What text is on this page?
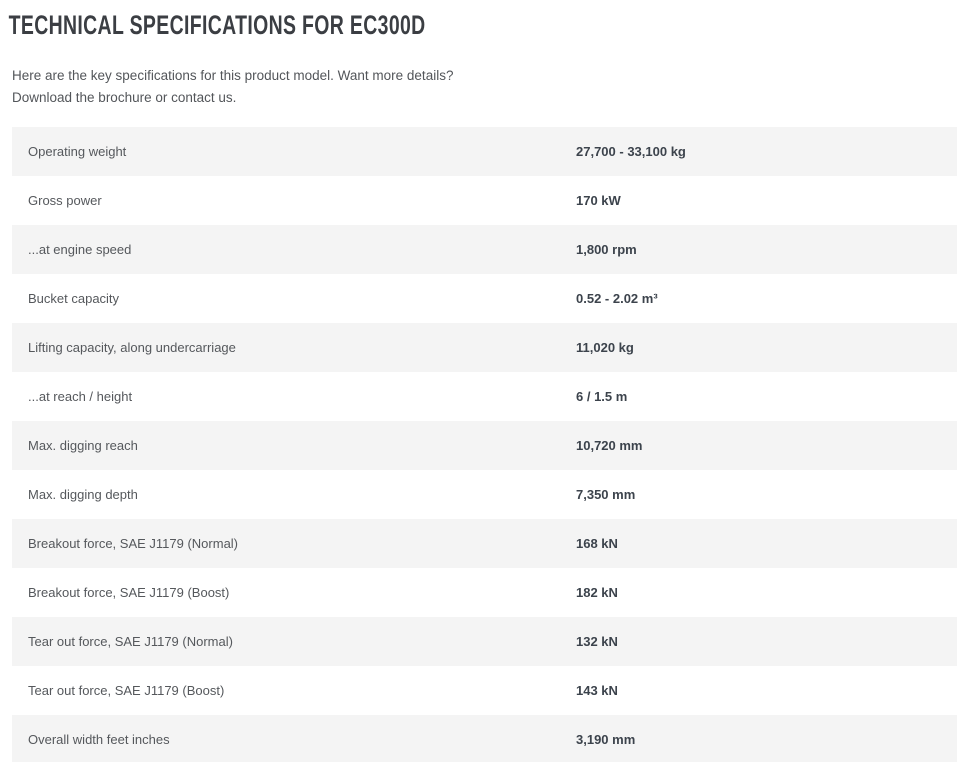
TECHNICAL SPECIFICATIONS FOR EC300D

Here are the key specifications for this product model. Want more details?
Download the brochure or contact us.

Operating weight	27,700 - 33,100 kg
Gross power	170 kW
...at engine speed	1,800 rpm
Bucket capacity	0.52 - 2.02 m³
Lifting capacity, along undercarriage	11,020 kg
...at reach / height	6 / 1.5 m
Max. digging reach	10,720 mm
Max. digging depth	7,350 mm
Breakout force, SAE J1179 (Normal)	168 kN
Breakout force, SAE J1179 (Boost)	182 kN
Tear out force, SAE J1179 (Normal)	132 kN
Tear out force, SAE J1179 (Boost)	143 kN
Overall width feet inches	3,190 mm
